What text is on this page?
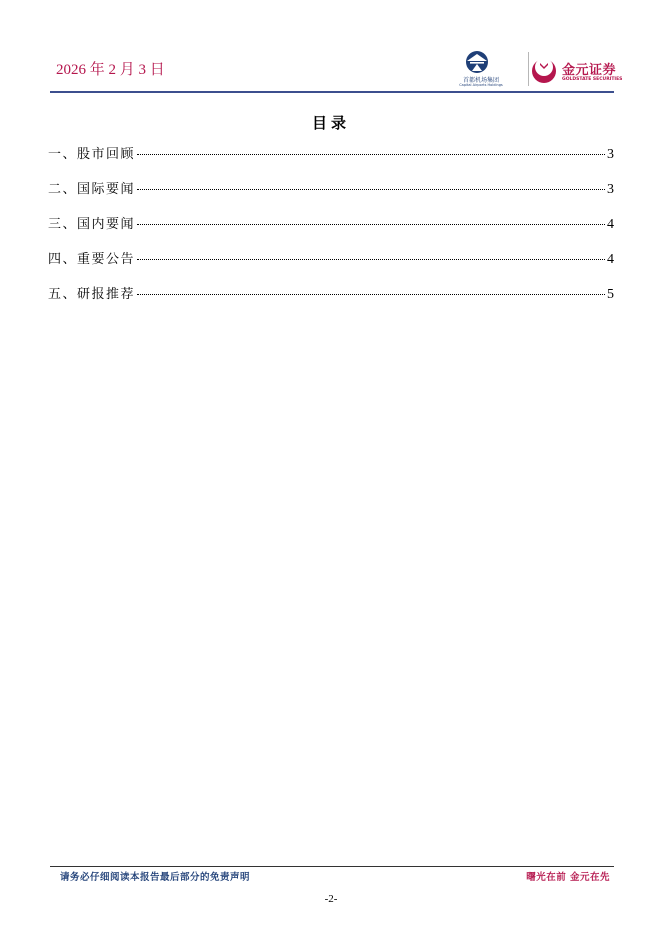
2026 年 2 月 3 日
首都机场集团
Capital Airports Holdings
金元证券
GOLDSTATE SECURITIES
目录
一、股市回顾	3
二、国际要闻	3
三、国内要闻	4
四、重要公告	4
五、研报推荐	5
请务必仔细阅读本报告最后部分的免责声明	曙光在前 金元在先
-2-
